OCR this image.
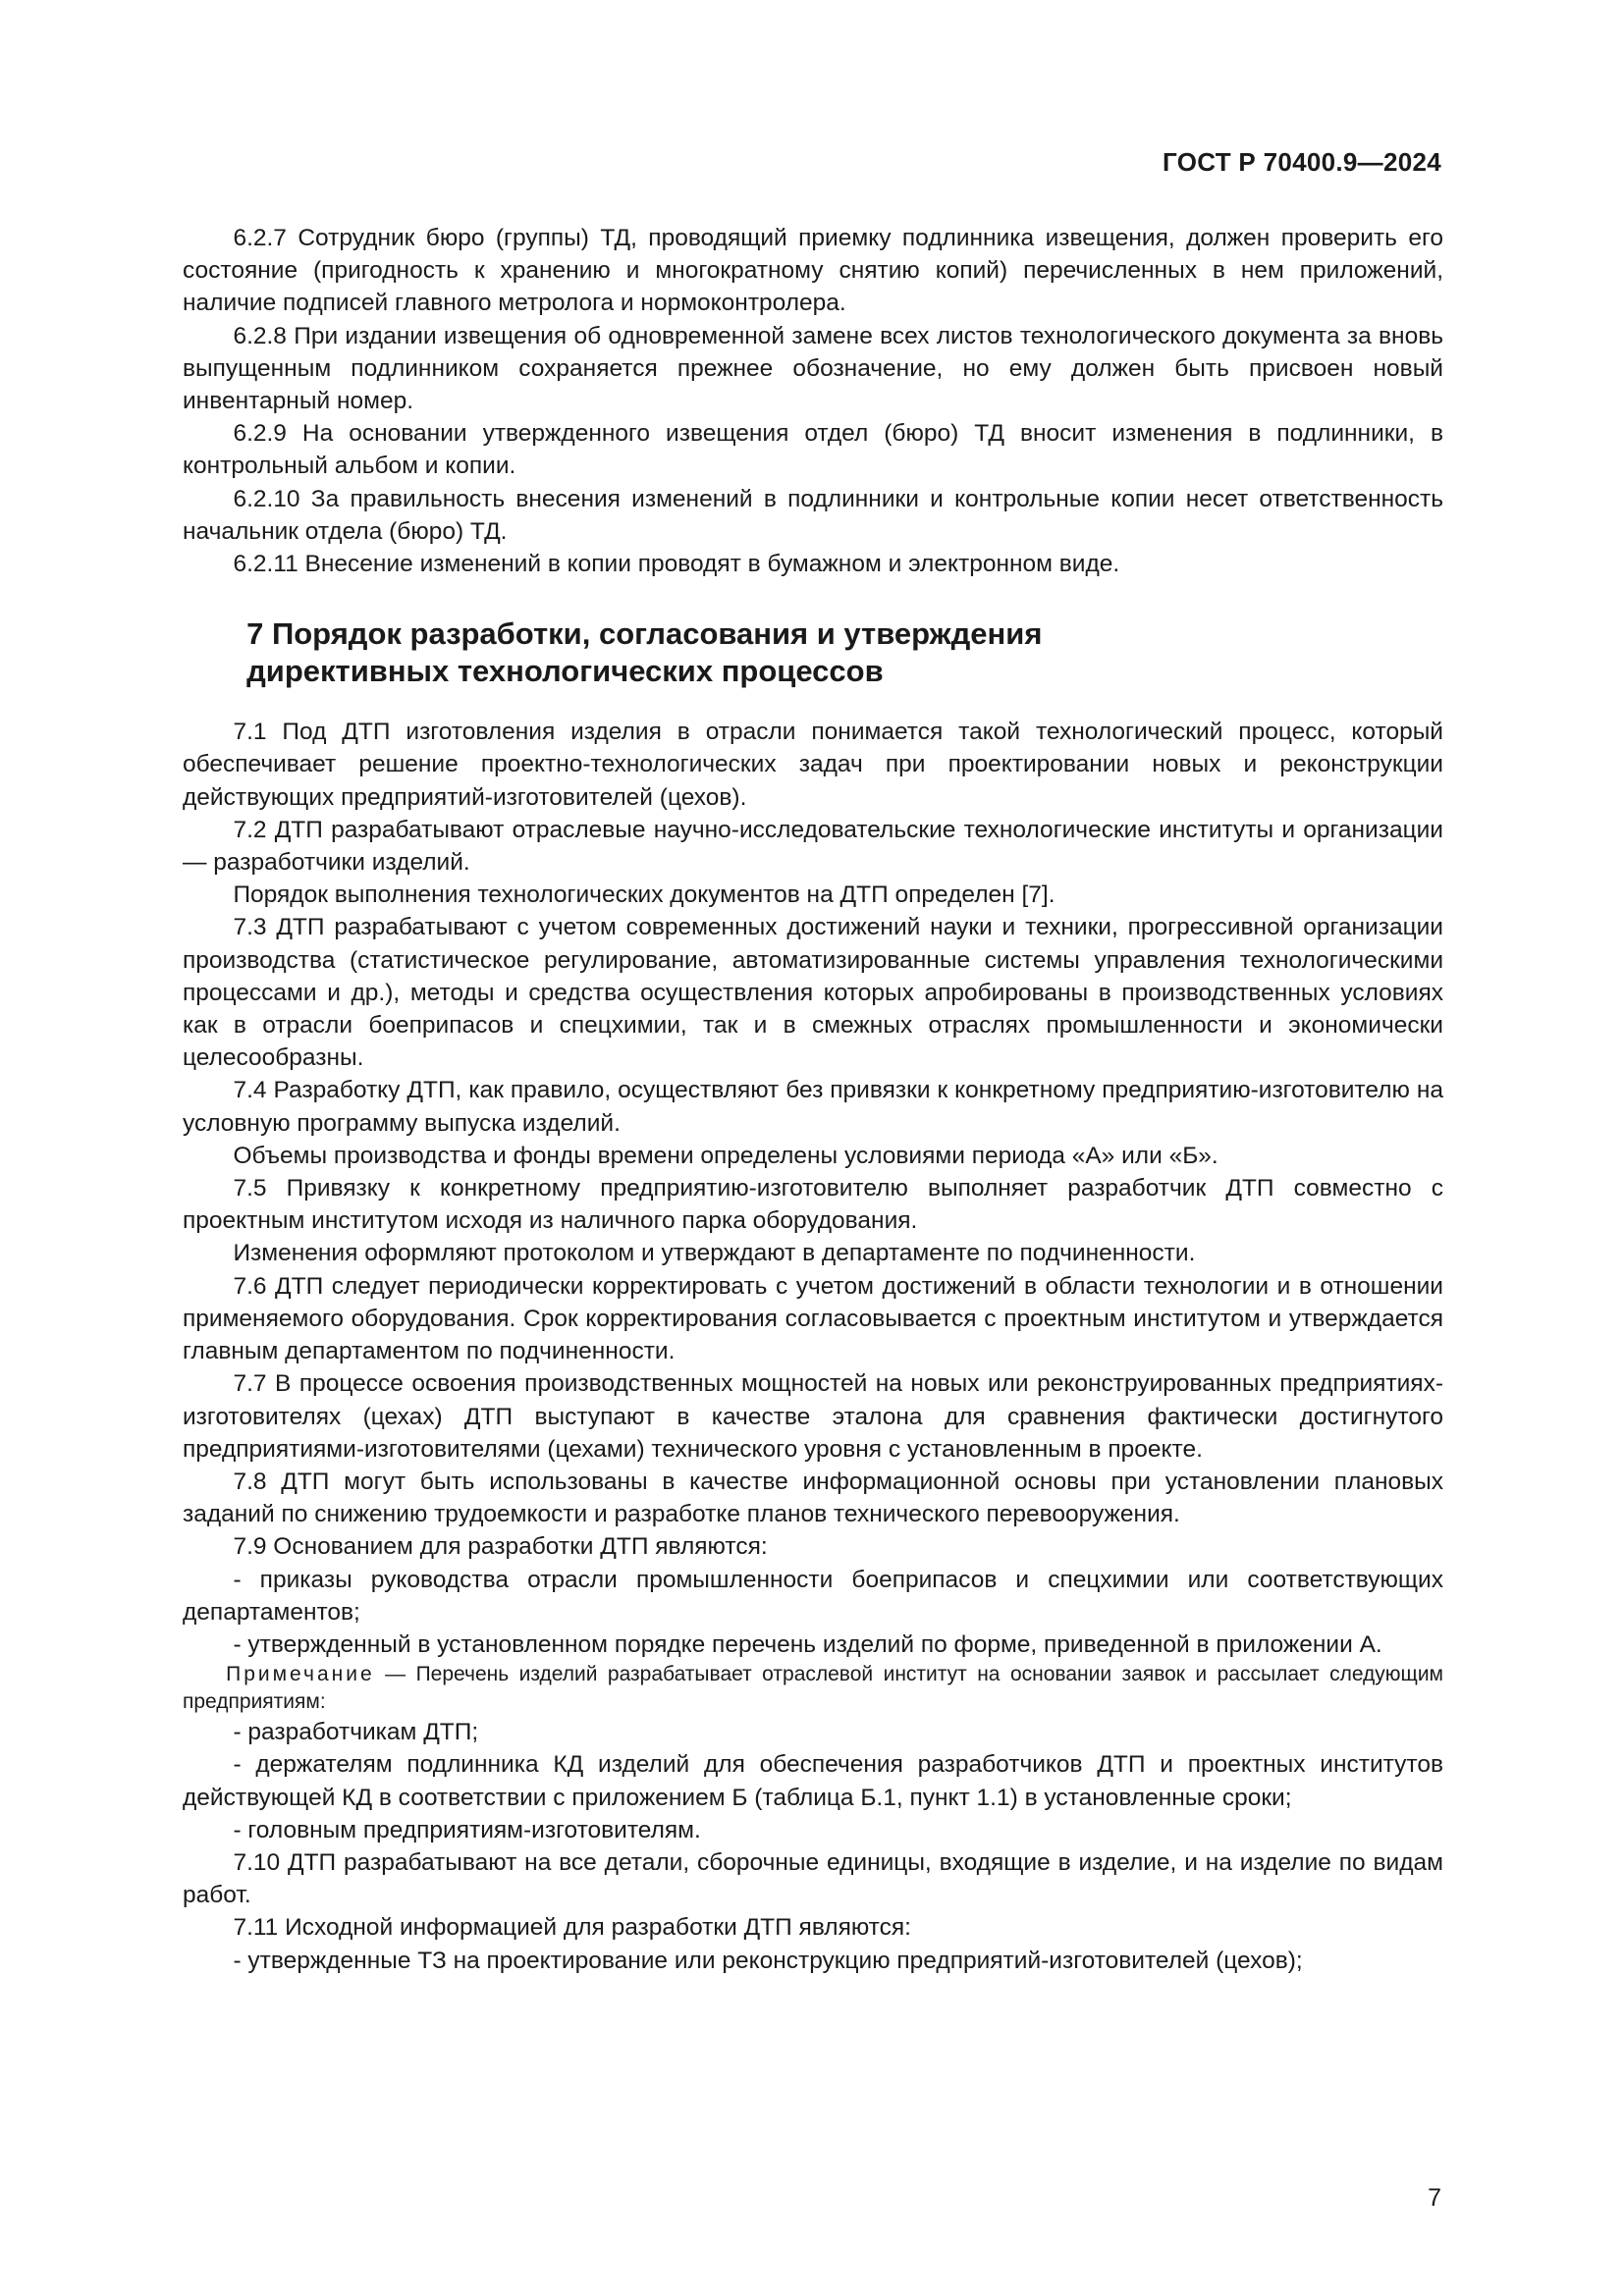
ГОСТ Р 70400.9—2024

6.2.7 Сотрудник бюро (группы) ТД, проводящий приемку подлинника извещения, должен проверить его состояние (пригодность к хранению и многократному снятию копий) перечисленных в нем приложений, наличие подписей главного метролога и нормоконтролера.

6.2.8 При издании извещения об одновременной замене всех листов технологического документа за вновь выпущенным подлинником сохраняется прежнее обозначение, но ему должен быть присвоен новый инвентарный номер.

6.2.9 На основании утвержденного извещения отдел (бюро) ТД вносит изменения в подлинники, в контрольный альбом и копии.

6.2.10 За правильность внесения изменений в подлинники и контрольные копии несет ответственность начальник отдела (бюро) ТД.

6.2.11 Внесение изменений в копии проводят в бумажном и электронном виде.

7 Порядок разработки, согласования и утверждения
директивных технологических процессов

7.1 Под ДТП изготовления изделия в отрасли понимается такой технологический процесс, который обеспечивает решение проектно-технологических задач при проектировании новых и реконструкции действующих предприятий-изготовителей (цехов).

7.2 ДТП разрабатывают отраслевые научно-исследовательские технологические институты и организации — разработчики изделий.

Порядок выполнения технологических документов на ДТП определен [7].

7.3 ДТП разрабатывают с учетом современных достижений науки и техники, прогрессивной организации производства (статистическое регулирование, автоматизированные системы управления технологическими процессами и др.), методы и средства осуществления которых апробированы в производственных условиях как в отрасли боеприпасов и спецхимии, так и в смежных отраслях промышленности и экономически целесообразны.

7.4 Разработку ДТП, как правило, осуществляют без привязки к конкретному предприятию-изготовителю на условную программу выпуска изделий.

Объемы производства и фонды времени определены условиями периода «А» или «Б».

7.5 Привязку к конкретному предприятию-изготовителю выполняет разработчик ДТП совместно с проектным институтом исходя из наличного парка оборудования.

Изменения оформляют протоколом и утверждают в департаменте по подчиненности.

7.6 ДТП следует периодически корректировать с учетом достижений в области технологии и в отношении применяемого оборудования. Срок корректирования согласовывается с проектным институтом и утверждается главным департаментом по подчиненности.

7.7 В процессе освоения производственных мощностей на новых или реконструированных предприятиях-изготовителях (цехах) ДТП выступают в качестве эталона для сравнения фактически достигнутого предприятиями-изготовителями (цехами) технического уровня с установленным в проекте.

7.8 ДТП могут быть использованы в качестве информационной основы при установлении плановых заданий по снижению трудоемкости и разработке планов технического перевооружения.

7.9 Основанием для разработки ДТП являются:

- приказы руководства отрасли промышленности боеприпасов и спецхимии или соответствующих департаментов;

- утвержденный в установленном порядке перечень изделий по форме, приведенной в приложении А.

Примечание — Перечень изделий разрабатывает отраслевой институт на основании заявок и рассылает следующим предприятиям:

- разработчикам ДТП;

- держателям подлинника КД изделий для обеспечения разработчиков ДТП и проектных институтов действующей КД в соответствии с приложением Б (таблица Б.1, пункт 1.1) в установленные сроки;

- головным предприятиям-изготовителям.

7.10 ДТП разрабатывают на все детали, сборочные единицы, входящие в изделие, и на изделие по видам работ.

7.11 Исходной информацией для разработки ДТП являются:

- утвержденные ТЗ на проектирование или реконструкцию предприятий-изготовителей (цехов);

7
